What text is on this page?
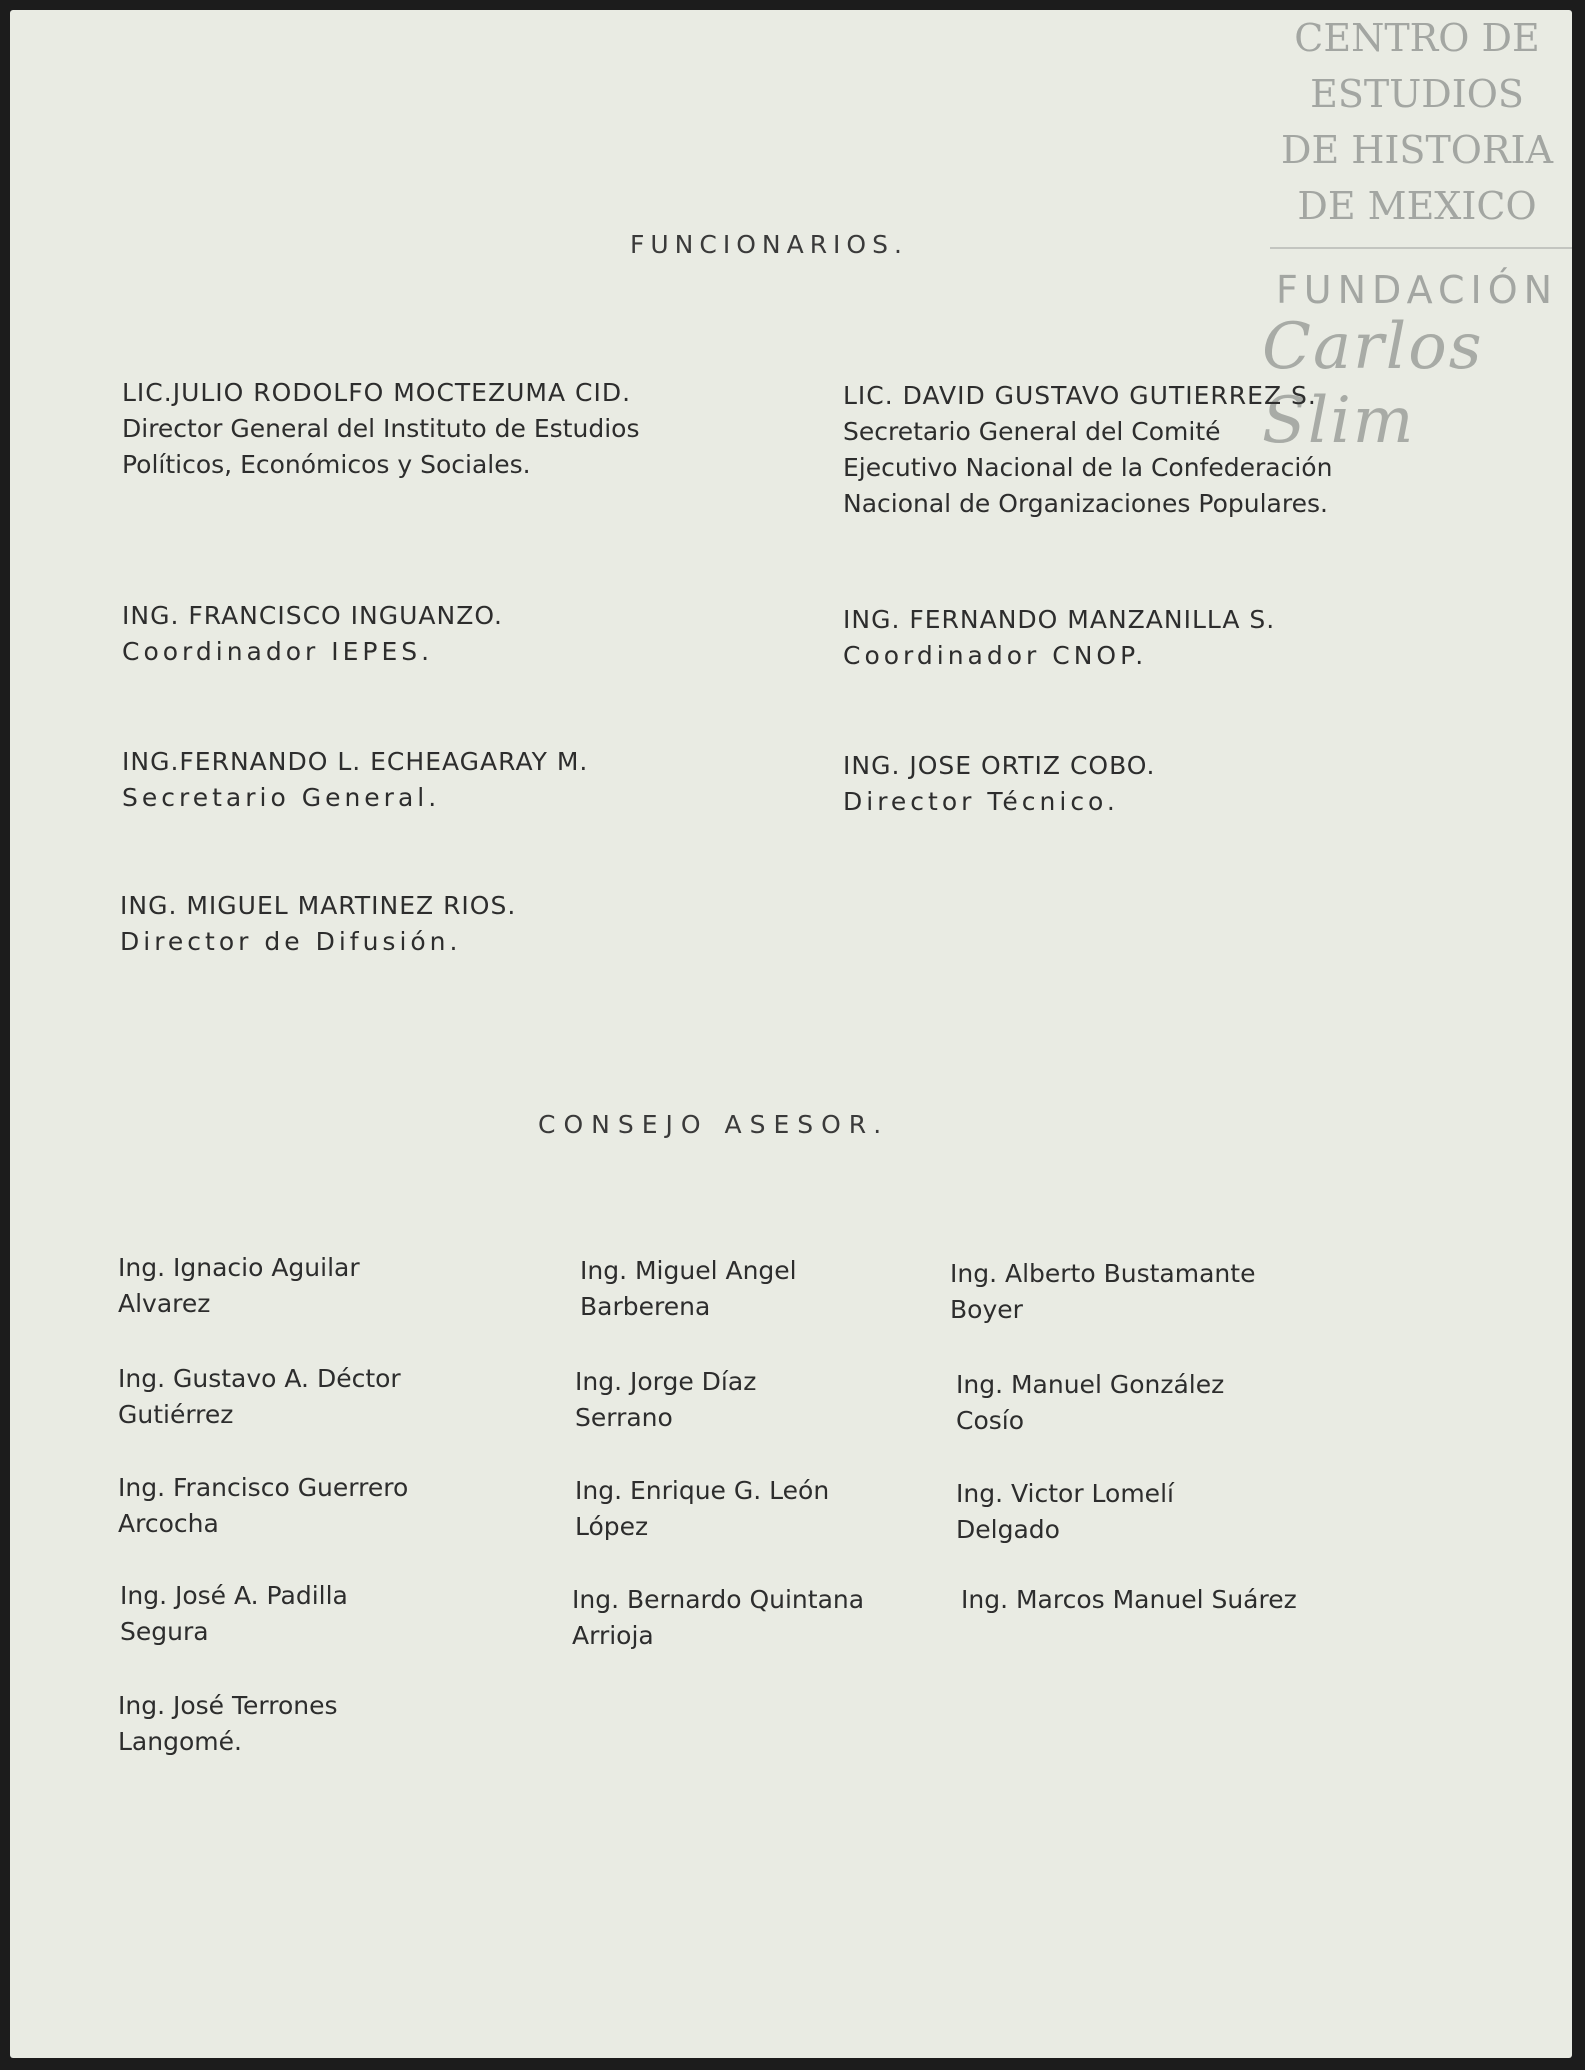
CENTRO DE
ESTUDIOS
DE HISTORIA
DE MEXICO
FUNDACIÓN
Carlos Slim
FUNCIONARIOS.
LIC.JULIO RODOLFO MOCTEZUMA CID.
Director General del Instituto de Estudios
Políticos, Económicos y Sociales.
LIC. DAVID GUSTAVO GUTIERREZ S.
Secretario General del Comité
Ejecutivo Nacional de la Confederación
Nacional de Organizaciones Populares.
ING. FRANCISCO INGUANZO.
Coordinador IEPES.
ING. FERNANDO MANZANILLA S.
Coordinador CNOP.
ING.FERNANDO L. ECHEAGARAY M.
Secretario General.
ING. JOSE ORTIZ COBO.
Director Técnico.
ING. MIGUEL MARTINEZ RIOS.
Director de Difusión.
CONSEJO ASESOR.
Ing. Ignacio Aguilar
Alvarez
Ing. Miguel Angel
Barberena
Ing. Alberto Bustamante
Boyer
Ing. Gustavo A. Déctor
Gutiérrez
Ing. Jorge Díaz
Serrano
Ing. Manuel González
Cosío
Ing. Francisco Guerrero
Arcocha
Ing. Enrique G. León
López
Ing. Victor Lomelí
Delgado
Ing. José A. Padilla
Segura
Ing. Bernardo Quintana
Arrioja
Ing. Marcos Manuel Suárez
Ing. José Terrones
Langomé.
